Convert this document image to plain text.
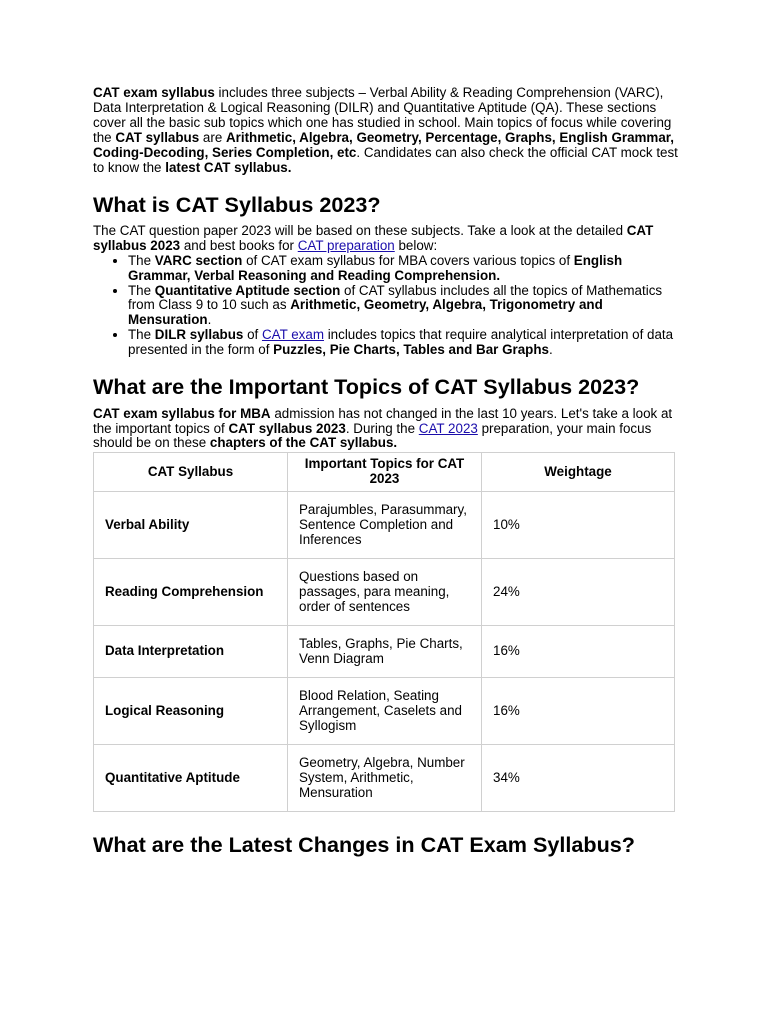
CAT exam syllabus includes three subjects – Verbal Ability & Reading Comprehension (VARC), Data Interpretation & Logical Reasoning (DILR) and Quantitative Aptitude (QA). These sections cover all the basic sub topics which one has studied in school. Main topics of focus while covering the CAT syllabus are Arithmetic, Algebra, Geometry, Percentage, Graphs, English Grammar, Coding-Decoding, Series Completion, etc. Candidates can also check the official CAT mock test to know the latest CAT syllabus.

What is CAT Syllabus 2023?

The CAT question paper 2023 will be based on these subjects. Take a look at the detailed CAT syllabus 2023 and best books for CAT preparation below:

• The VARC section of CAT exam syllabus for MBA covers various topics of English Grammar, Verbal Reasoning and Reading Comprehension.
• The Quantitative Aptitude section of CAT syllabus includes all the topics of Mathematics from Class 9 to 10 such as Arithmetic, Geometry, Algebra, Trigonometry and Mensuration.
• The DILR syllabus of CAT exam includes topics that require analytical interpretation of data presented in the form of Puzzles, Pie Charts, Tables and Bar Graphs.
What are the Important Topics of CAT Syllabus 2023?

CAT exam syllabus for MBA admission has not changed in the last 10 years. Let's take a look at the important topics of CAT syllabus 2023. During the CAT 2023 preparation, your main focus should be on these chapters of the CAT syllabus.

CAT Syllabus	Important Topics for CAT 2023	Weightage
Verbal Ability	Parajumbles, Parasummary, Sentence Completion and Inferences	10%
Reading Comprehension	Questions based on passages, para meaning, order of sentences	24%
Data Interpretation	Tables, Graphs, Pie Charts, Venn Diagram	16%
Logical Reasoning	Blood Relation, Seating Arrangement, Caselets and Syllogism	16%
Quantitative Aptitude	Geometry, Algebra, Number System, Arithmetic, Mensuration	34%
What are the Latest Changes in CAT Exam Syllabus?
